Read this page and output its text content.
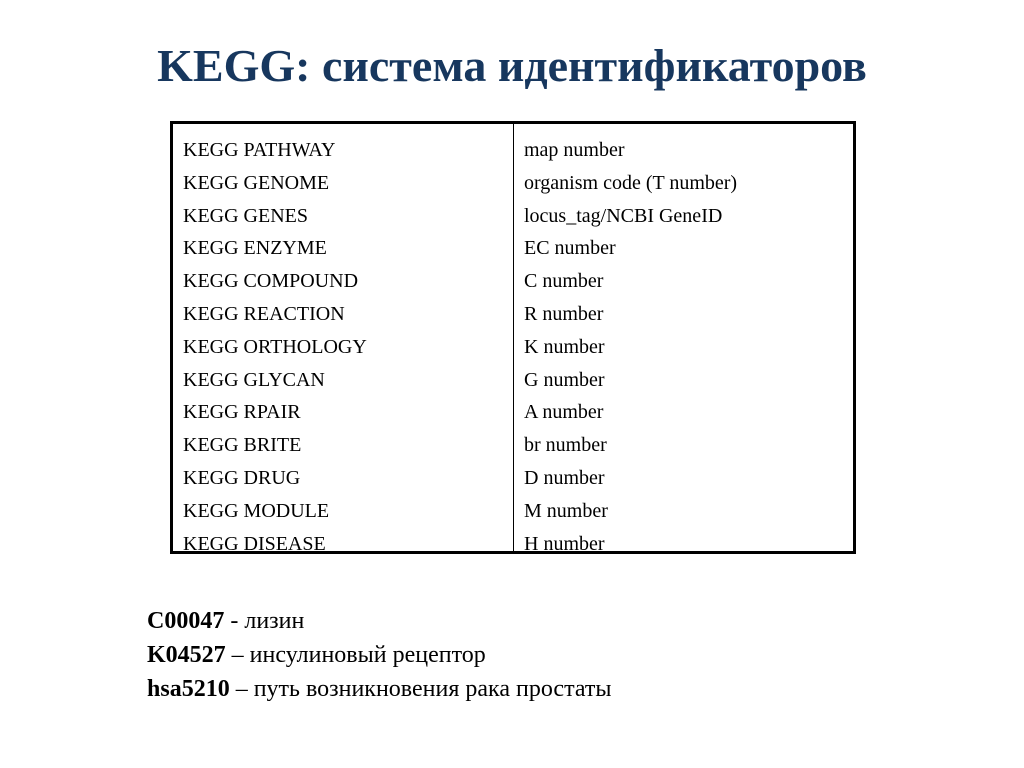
KEGG: система идентификаторов
KEGG PATHWAY
KEGG GENOME
KEGG GENES
KEGG ENZYME
KEGG COMPOUND
KEGG REACTION
KEGG ORTHOLOGY
KEGG GLYCAN
KEGG RPAIR
KEGG BRITE
KEGG DRUG
KEGG MODULE
KEGG DISEASE
map number
organism code (T number)
locus_tag/NCBI GeneID
EC number
C number
R number
K number
G number
A number
br number
D number
M number
H number
C00047 - лизин
K04527 – инсулиновый рецептор
hsa5210 – путь возникновения рака простаты
